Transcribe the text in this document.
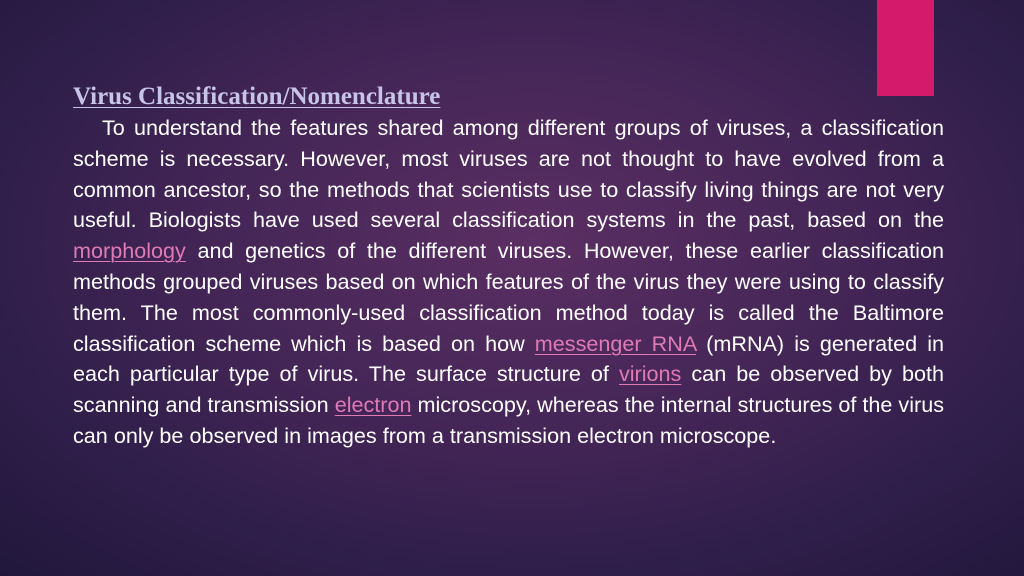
Virus Classification/Nomenclature

To understand the features shared among different groups of viruses, a classification scheme is necessary. However, most viruses are not thought to have evolved from a common ancestor, so the methods that scientists use to classify living things are not very useful. Biologists have used several classification systems in the past, based on the morphology and genetics of the different viruses. However, these earlier classification methods grouped viruses based on which features of the virus they were using to classify them. The most commonly-used classification method today is called the Baltimore classification scheme which is based on how messenger RNA (mRNA) is generated in each particular type of virus. The surface structure of virions can be observed by both scanning and transmission electron microscopy, whereas the internal structures of the virus can only be observed in images from a transmission electron microscope.
